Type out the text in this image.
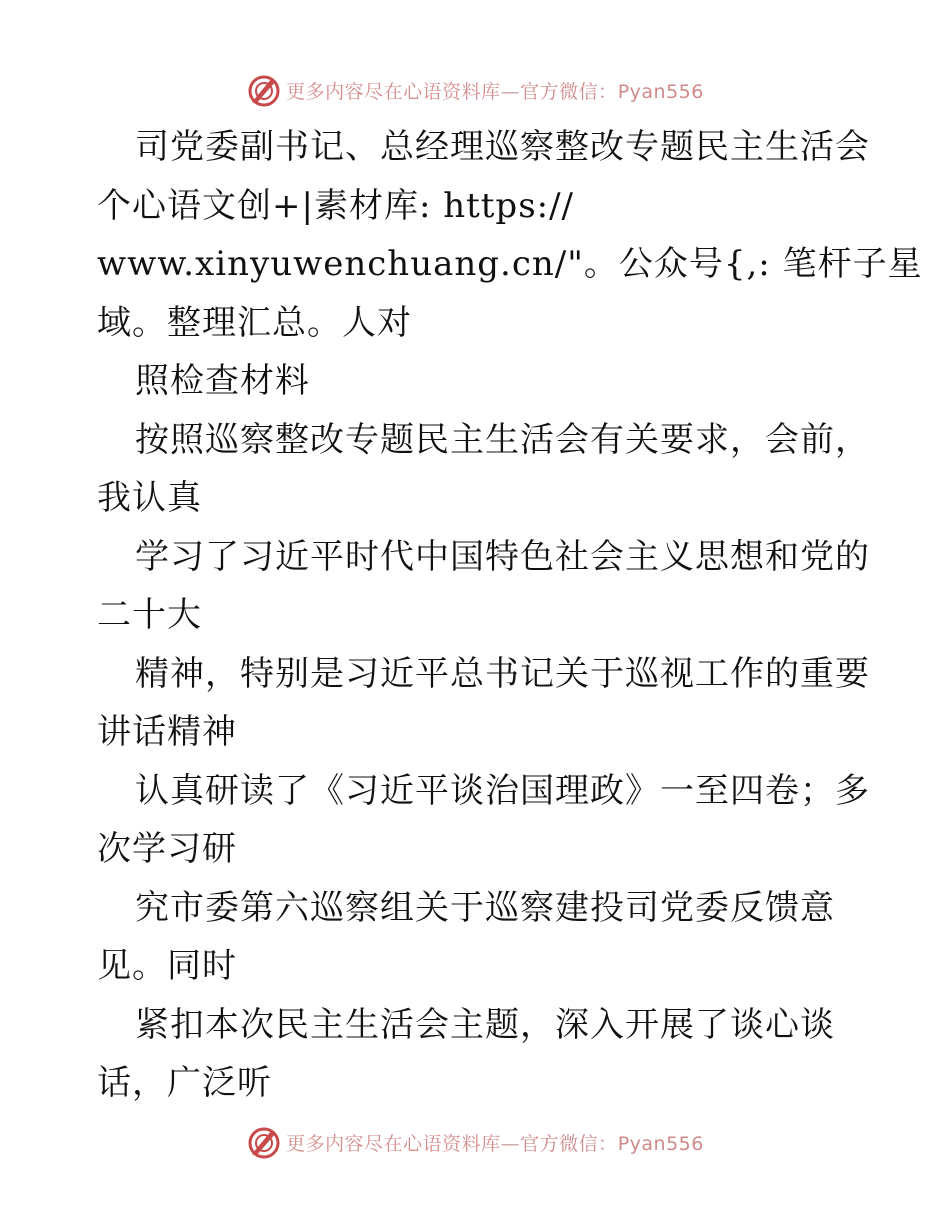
更多内容尽在心语资料库—官方微信：Pyan556
司党委副书记、总经理巡察整改专题民主生活会
个心语文创+|素材库: https://
www.xinyuwenchuang.cn/"。公众号{,: 笔杆子星
域。整理汇总。人对
照检查材料
按照巡察整改专题民主生活会有关要求，会前，
我认真
学习了习近平时代中国特色社会主义思想和党的
二十大
精神，特别是习近平总书记关于巡视工作的重要
讲话精神
认真研读了《习近平谈治国理政》一至四卷；多
次学习研
究市委第六巡察组关于巡察建投司党委反馈意
见。同时
紧扣本次民主生活会主题，深入开展了谈心谈
话，广泛听
更多内容尽在心语资料库—官方微信：Pyan556
